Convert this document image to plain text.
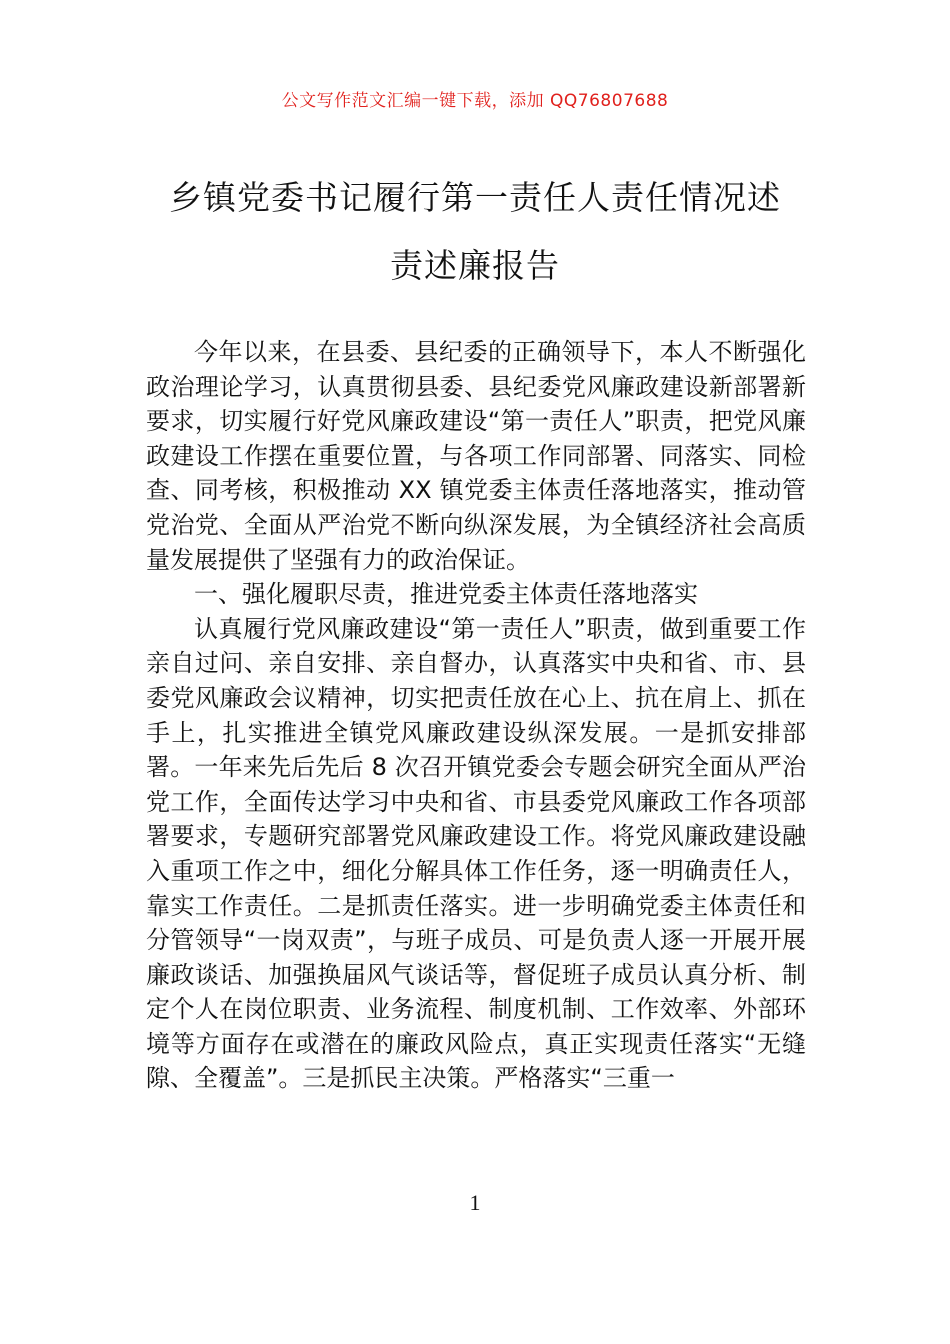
公文写作范文汇编一键下载，添加 QQ76807688
乡镇党委书记履行第一责任人责任情况述
责述廉报告

今年以来，在县委、县纪委的正确领导下，本人不断强化政治理论学习，认真贯彻县委、县纪委党风廉政建设新部署新要求，切实履行好党风廉政建设“第一责任人”职责，把党风廉政建设工作摆在重要位置，与各项工作同部署、同落实、同检查、同考核，积极推动 XX 镇党委主体责任落地落实，推动管党治党、全面从严治党不断向纵深发展，为全镇经济社会高质量发展提供了坚强有力的政治保证。

一、强化履职尽责，推进党委主体责任落地落实

认真履行党风廉政建设“第一责任人”职责，做到重要工作亲自过问、亲自安排、亲自督办，认真落实中央和省、市、县委党风廉政会议精神，切实把责任放在心上、抗在肩上、抓在手上，扎实推进全镇党风廉政建设纵深发展。一是抓安排部署。一年来先后先后 8 次召开镇党委会专题会研究全面从严治党工作，全面传达学习中央和省、市县委党风廉政工作各项部署要求，专题研究部署党风廉政建设工作。将党风廉政建设融入重项工作之中，细化分解具体工作任务，逐一明确责任人，靠实工作责任。二是抓责任落实。进一步明确党委主体责任和分管领导“一岗双责”，与班子成员、可是负责人逐一开展开展廉政谈话、加强换届风气谈话等，督促班子成员认真分析、制定个人在岗位职责、业务流程、制度机制、工作效率、外部环境等方面存在或潜在的廉政风险点，真正实现责任落实“无缝隙、全覆盖”。三是抓民主决策。严格落实“三重一

1
